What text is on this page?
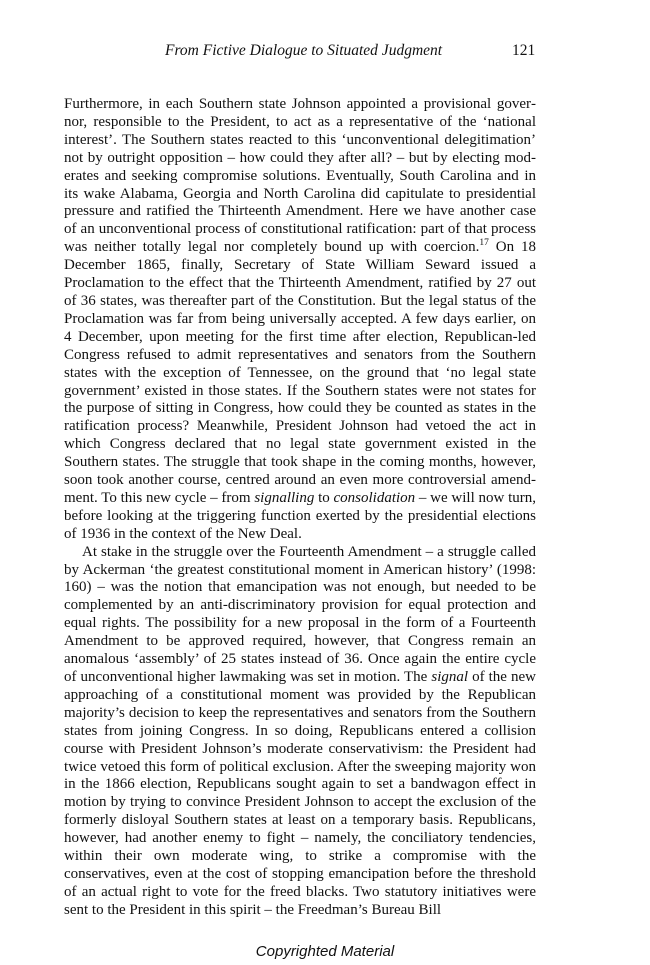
From Fictive Dialogue to Situated Judgment	121

Furthermore, in each Southern state Johnson appointed a provisional governor, responsible to the President, to act as a representative of the ‘national interest’. The Southern states reacted to this ‘unconventional delegitimation’ not by outright opposition – how could they after all? – but by electing moderates and seeking compromise solutions. Eventually, South Carolina and in its wake Alabama, Georgia and North Carolina did capitulate to presidential pressure and ratified the Thirteenth Amendment. Here we have another case of an unconventional process of constitutional ratification: part of that process was neither totally legal nor completely bound up with coercion.$^{17}$ On 18 December 1865, finally, Secretary of State William Seward issued a Proclamation to the effect that the Thirteenth Amendment, ratified by 27 out of 36 states, was thereafter part of the Constitution. But the legal status of the Proclamation was far from being universally accepted. A few days earlier, on 4 December, upon meeting for the first time after election, Republican-led Congress refused to admit representatives and senators from the Southern states with the exception of Tennessee, on the ground that ‘no legal state government’ existed in those states. If the Southern states were not states for the purpose of sitting in Congress, how could they be counted as states in the ratification process? Meanwhile, President Johnson had vetoed the act in which Congress declared that no legal state government existed in the Southern states. The struggle that took shape in the coming months, however, soon took another course, centred around an even more controversial amendment. To this new cycle – from signalling to consolidation – we will now turn, before looking at the triggering function exerted by the presidential elections of 1936 in the context of the New Deal.

At stake in the struggle over the Fourteenth Amendment – a struggle called by Ackerman ‘the greatest constitutional moment in American history’ (1998: 160) – was the notion that emancipation was not enough, but needed to be complemented by an anti-discriminatory provision for equal protection and equal rights. The possibility for a new proposal in the form of a Fourteenth Amendment to be approved required, however, that Congress remain an anomalous ‘assembly’ of 25 states instead of 36. Once again the entire cycle of unconventional higher lawmaking was set in motion. The signal of the new approaching of a constitutional moment was provided by the Republican majority’s decision to keep the representatives and senators from the Southern states from joining Congress. In so doing, Republicans entered a collision course with President Johnson’s moderate conservativism: the President had twice vetoed this form of political exclusion. After the sweeping majority won in the 1866 election, Republicans sought again to set a bandwagon effect in motion by trying to convince President Johnson to accept the exclusion of the formerly disloyal Southern states at least on a temporary basis. Republicans, however, had another enemy to fight – namely, the conciliatory tendencies, within their own moderate wing, to strike a compromise with the conservatives, even at the cost of stopping emancipation before the threshold of an actual right to vote for the freed blacks. Two statutory initiatives were sent to the President in this spirit – the Freedman’s Bureau Bill

Copyrighted Material
